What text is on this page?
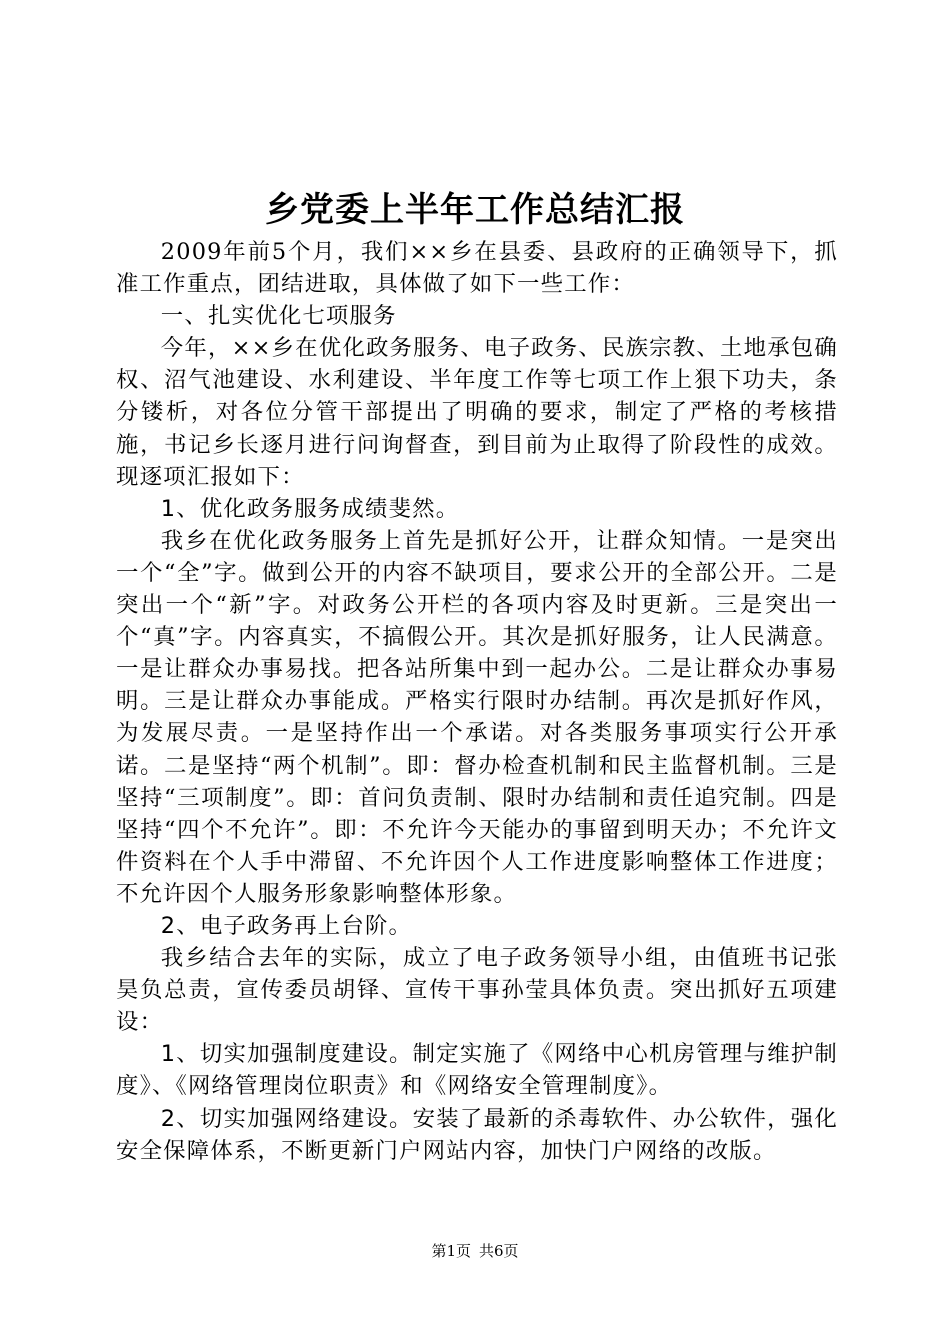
乡党委上半年工作总结汇报

2009年前5个月，我们××乡在县委、县政府的正确领导下，抓准工作重点，团结进取，具体做了如下一些工作：

一、扎实优化七项服务

今年，××乡在优化政务服务、电子政务、民族宗教、土地承包确权、沼气池建设、水利建设、半年度工作等七项工作上狠下功夫，条分镂析，对各位分管干部提出了明确的要求，制定了严格的考核措施，书记乡长逐月进行问询督查，到目前为止取得了阶段性的成效。现逐项汇报如下：

1、优化政务服务成绩斐然。

我乡在优化政务服务上首先是抓好公开，让群众知情。一是突出一个“全”字。做到公开的内容不缺项目，要求公开的全部公开。二是突出一个“新”字。对政务公开栏的各项内容及时更新。三是突出一个“真”字。内容真实，不搞假公开。其次是抓好服务，让人民满意。一是让群众办事易找。把各站所集中到一起办公。二是让群众办事易明。三是让群众办事能成。严格实行限时办结制。再次是抓好作风，为发展尽责。一是坚持作出一个承诺。对各类服务事项实行公开承诺。二是坚持“两个机制”。即：督办检查机制和民主监督机制。三是坚持“三项制度”。即：首问负责制、限时办结制和责任追究制。四是坚持“四个不允许”。即：不允许今天能办的事留到明天办；不允许文件资料在个人手中滞留、不允许因个人工作进度影响整体工作进度；不允许因个人服务形象影响整体形象。

2、电子政务再上台阶。

我乡结合去年的实际，成立了电子政务领导小组，由值班书记张昊负总责，宣传委员胡铎、宣传干事孙莹具体负责。突出抓好五项建设：

1、切实加强制度建设。制定实施了《网络中心机房管理与维护制度》、《网络管理岗位职责》和《网络安全管理制度》。

2、切实加强网络建设。安装了最新的杀毒软件、办公软件，强化安全保障体系，不断更新门户网站内容，加快门户网络的改版。

第1页 共6页
